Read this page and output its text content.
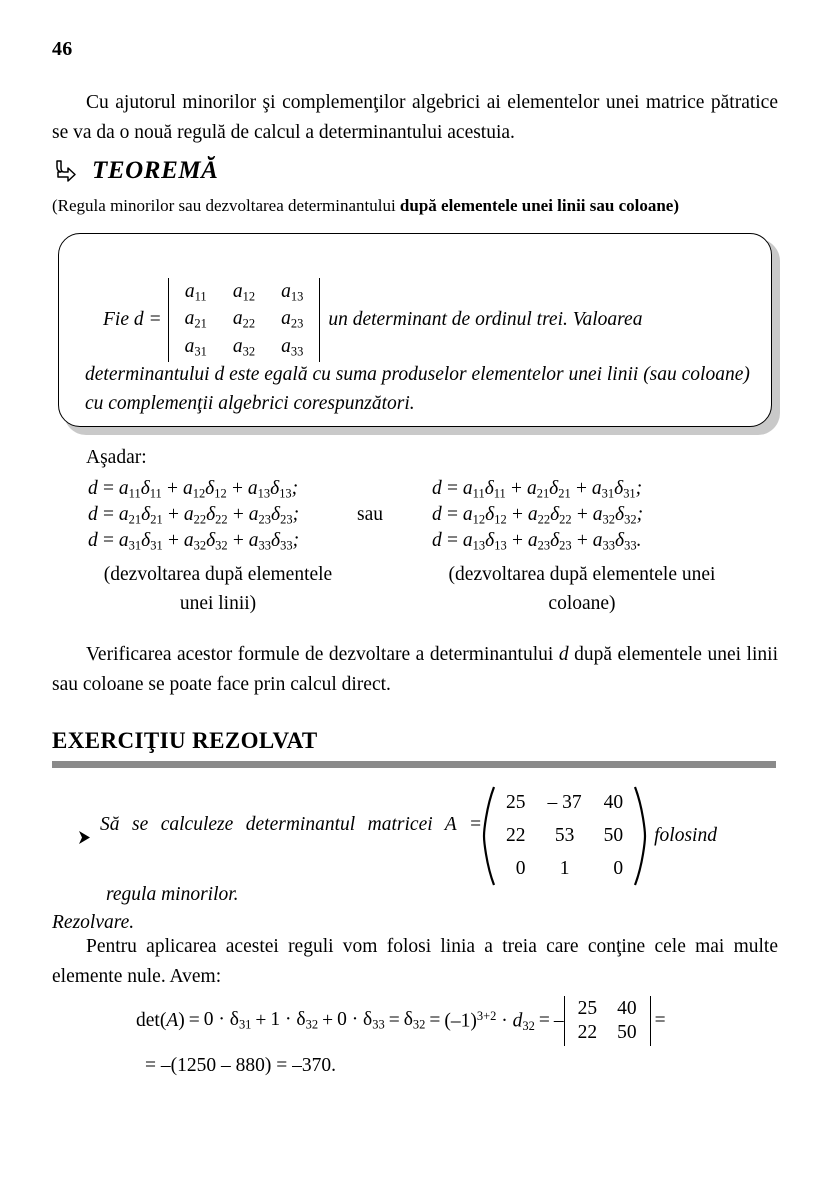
46
Cu ajutorul minorilor şi complemenţilor algebrici ai elementelor unei matrice pătratice se va da o nouă regulă de calcul a determinantului acestuia.
TEOREMĂ
(Regula minorilor sau dezvoltarea determinantului după elementele unei linii sau coloane)
Fie d =
$a_{11}$	$a_{12}$	$a_{13}$
$a_{21}$	$a_{22}$	$a_{23}$
$a_{31}$	$a_{32}$	$a_{33}$
un determinant de ordinul trei. Valoarea
determinantului d este egală cu suma produselor elementelor unei linii (sau coloane) cu complemenţii algebrici corespunzători.
Aşadar:
$d = a_{11}\delta_{11} + a_{12}\delta_{12} + a_{13}\delta_{13}$;	$d = a_{11}\delta_{11} + a_{21}\delta_{21} + a_{31}\delta_{31}$;
$d = a_{21}\delta_{21} + a_{22}\delta_{22} + a_{23}\delta_{23}$;	sau	$d = a_{12}\delta_{12} + a_{22}\delta_{22} + a_{32}\delta_{32}$;
$d = a_{31}\delta_{31} + a_{32}\delta_{32} + a_{33}\delta_{33}$;	$d = a_{13}\delta_{13} + a_{23}\delta_{23} + a_{33}\delta_{33}$.
(dezvoltarea după elementele unei linii)
(dezvoltarea după elementele unei coloane)
Verificarea acestor formule de dezvoltare a determinantului d după elementele unei linii sau coloane se poate face prin calcul direct.
EXERCIŢIU REZOLVAT
Să se calculeze determinantul matricei A =
25	– 37	40
22	53	50
0	1	0
folosind
regula minorilor.
Rezolvare.
Pentru aplicarea acestei reguli vom folosi linia a treia care conţine cele mai multe elemente nule. Avem:
$\det(A) = 0 \cdot \delta_{31} + 1 \cdot \delta_{32} + 0 \cdot \delta_{33} = \delta_{32} = (-1)^{3+2} \cdot d_{32}$ = –
25	40
22	50
=
= –(1250 – 880) = –370.
